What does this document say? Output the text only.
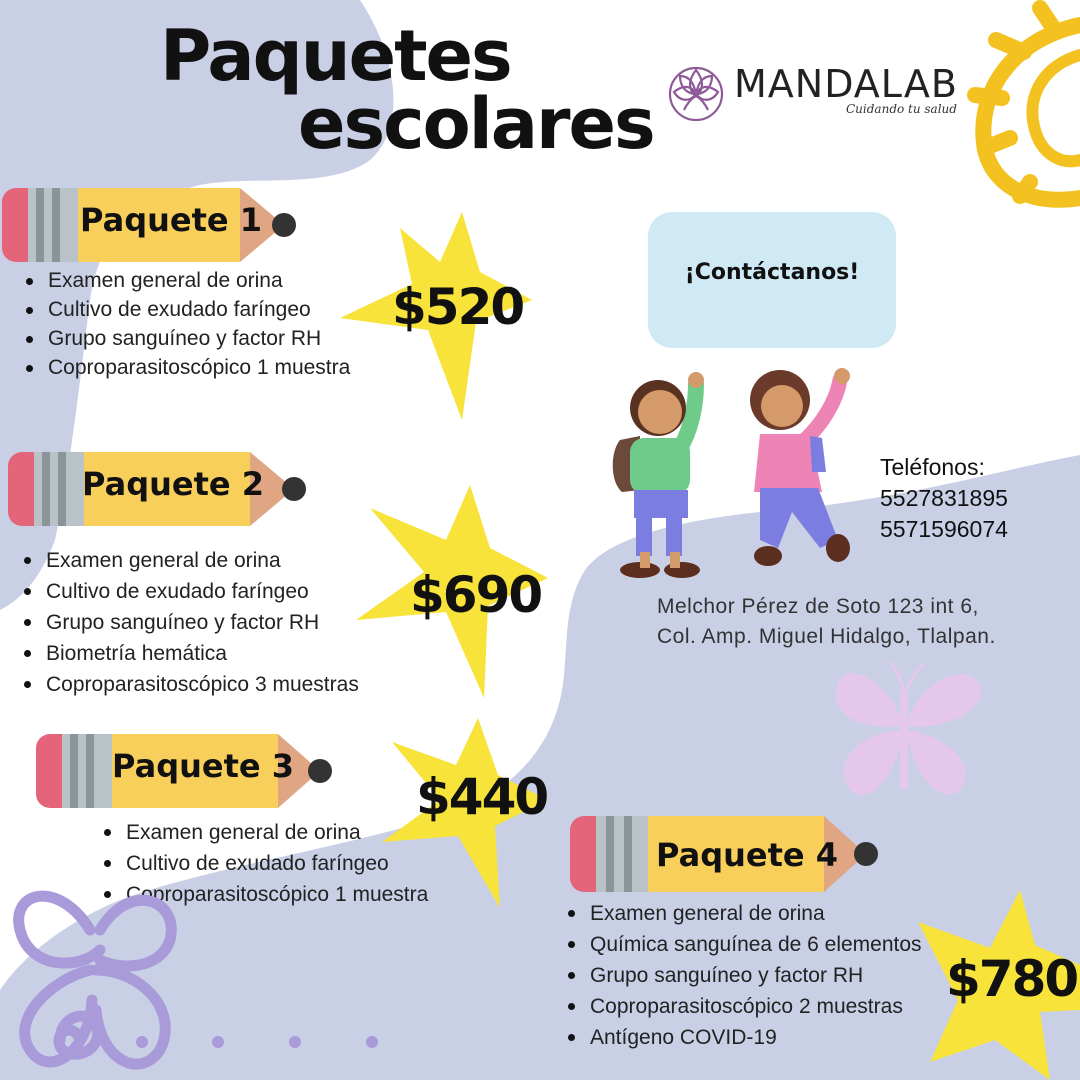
Paquetes
escolares MANDALAB
Cuidando tu salud
Paquete 1
Examen general de orina
Cultivo de exudado faríngeo
Grupo sanguíneo y factor RH
Coproparasitoscópico 1 muestra
$520
Paquete 2
Examen general de orina
Cultivo de exudado faríngeo
Grupo sanguíneo y factor RH
Biometría hemática
Coproparasitoscópico 3 muestras
$690
Paquete 3
Examen general de orina
Cultivo de exudado faríngeo
Coproparasitoscópico 1 muestra
$440
Paquete 4
Examen general de orina
Química sanguínea de 6 elementos
Grupo sanguíneo y factor RH
Coproparasitoscópico 2 muestras
Antígeno COVID-19
$780
¡Contáctanos!
Teléfonos:
5527831895
5571596074
Melchor Pérez de Soto 123 int 6,
Col. Amp. Miguel Hidalgo, Tlalpan.
